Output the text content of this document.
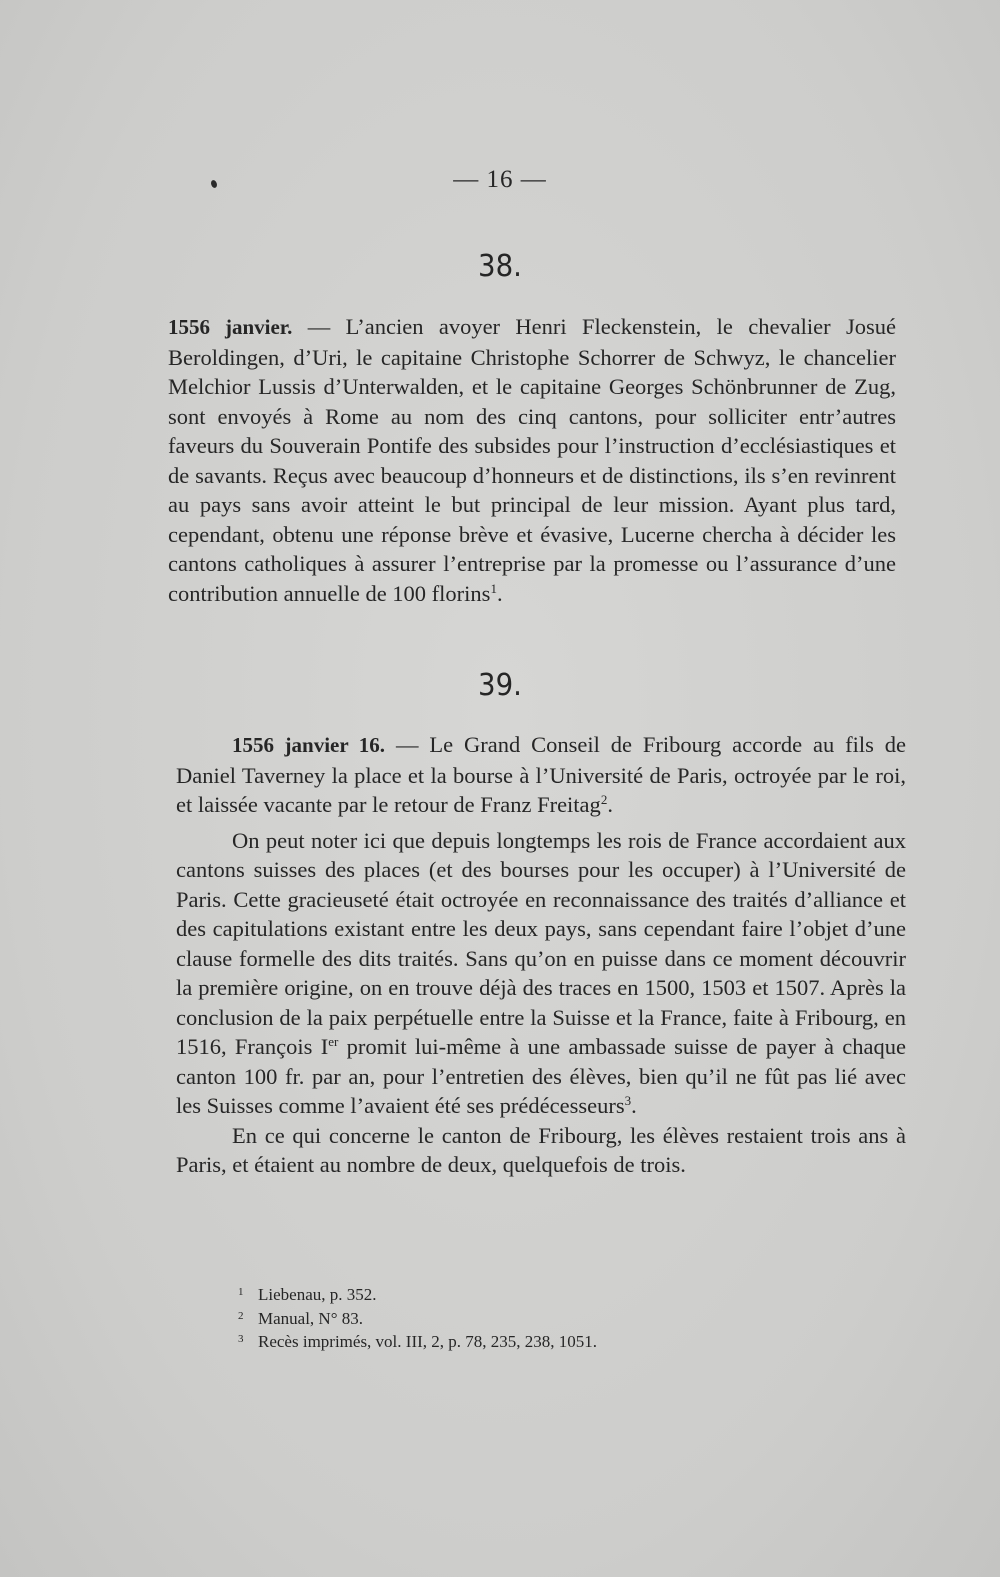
— 16 —
38.

1556 janvier. — L’ancien avoyer Henri Fleckenstein, le chevalier Josué Beroldingen, d’Uri, le capitaine Christophe Schorrer de Schwyz, le chancelier Melchior Lussis d’Unterwalden, et le capitaine Georges Schönbrunner de Zug, sont envoyés à Rome au nom des cinq cantons, pour solliciter entr’autres faveurs du Souverain Pontife des subsides pour l’instruction d’ecclésiastiques et de savants. Reçus avec beaucoup d’honneurs et de distinctions, ils s’en revinrent au pays sans avoir atteint le but principal de leur mission. Ayant plus tard, cependant, obtenu une réponse brève et évasive, Lucerne chercha à décider les cantons catholiques à assurer l’entreprise par la promesse ou l’assurance d’une contribution annuelle de 100 florins$^1$.

39.

1556 janvier 16. — Le Grand Conseil de Fribourg accorde au fils de Daniel Taverney la place et la bourse à l’Université de Paris, octroyée par le roi, et laissée vacante par le retour de Franz Freitag$^2$.

On peut noter ici que depuis longtemps les rois de France accordaient aux cantons suisses des places (et des bourses pour les occuper) à l’Université de Paris. Cette gracieuseté était octroyée en reconnaissance des traités d’alliance et des capitulations existant entre les deux pays, sans cependant faire l’objet d’une clause formelle des dits traités. Sans qu’on en puisse dans ce moment découvrir la première origine, on en trouve déjà des traces en 1500, 1503 et 1507. Après la conclusion de la paix perpétuelle entre la Suisse et la France, faite à Fribourg, en 1516, François Ier promit lui-même à une ambassade suisse de payer à chaque canton 100 fr. par an, pour l’entretien des élèves, bien qu’il ne fût pas lié avec les Suisses comme l’avaient été ses prédécesseurs$^3$.

En ce qui concerne le canton de Fribourg, les élèves restaient trois ans à Paris, et étaient au nombre de deux, quelquefois de trois.

1 Liebenau, p. 352.
2 Manual, N° 83.
3 Recès imprimés, vol. III, 2, p. 78, 235, 238, 1051.
